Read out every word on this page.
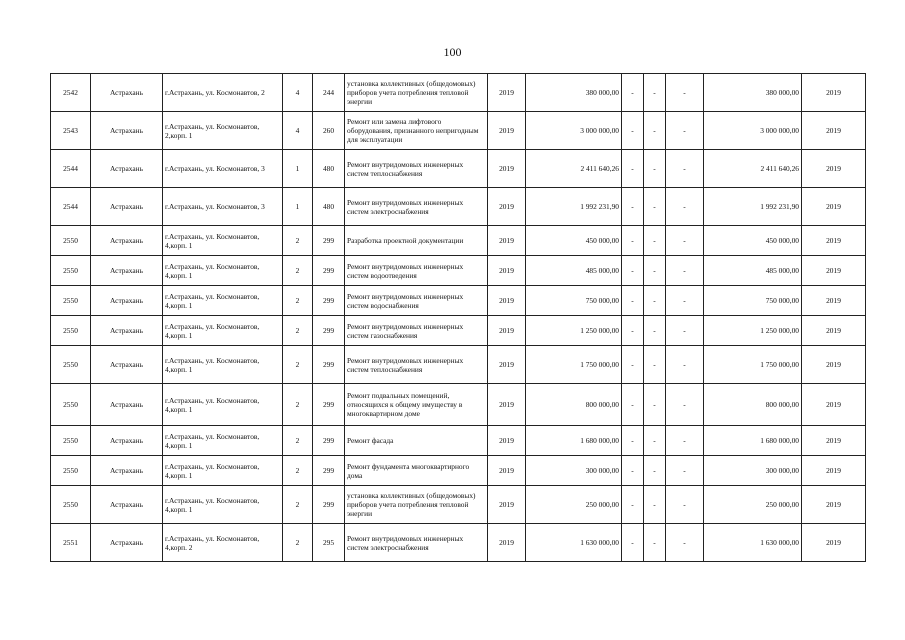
100
2542	Астрахань	г.Астрахань, ул. Космонавтов, 2	4	244	установка коллективных (общедомовых) приборов учета потребления тепловой энергии	2019	380 000,00	-	-	-	380 000,00	2019
2543	Астрахань	г.Астрахань, ул. Космонавтов, 2,корп. 1	4	260	Ремонт или замена лифтового оборудования, признанного непригодным для эксплуатации	2019	3 000 000,00	-	-	-	3 000 000,00	2019
2544	Астрахань	г.Астрахань, ул. Космонавтов, 3	1	480	Ремонт внутридомовых инженерных систем теплоснабжения	2019	2 411 640,26	-	-	-	2 411 640,26	2019
2544	Астрахань	г.Астрахань, ул. Космонавтов, 3	1	480	Ремонт внутридомовых инженерных систем электроснабжения	2019	1 992 231,90	-	-	-	1 992 231,90	2019
2550	Астрахань	г.Астрахань, ул. Космонавтов, 4,корп. 1	2	299	Разработка проектной документации	2019	450 000,00	-	-	-	450 000,00	2019
2550	Астрахань	г.Астрахань, ул. Космонавтов, 4,корп. 1	2	299	Ремонт внутридомовых инженерных систем водоотведения	2019	485 000,00	-	-	-	485 000,00	2019
2550	Астрахань	г.Астрахань, ул. Космонавтов, 4,корп. 1	2	299	Ремонт внутридомовых инженерных систем водоснабжения	2019	750 000,00	-	-	-	750 000,00	2019
2550	Астрахань	г.Астрахань, ул. Космонавтов, 4,корп. 1	2	299	Ремонт внутридомовых инженерных систем газоснабжения	2019	1 250 000,00	-	-	-	1 250 000,00	2019
2550	Астрахань	г.Астрахань, ул. Космонавтов, 4,корп. 1	2	299	Ремонт внутридомовых инженерных систем теплоснабжения	2019	1 750 000,00	-	-	-	1 750 000,00	2019
2550	Астрахань	г.Астрахань, ул. Космонавтов, 4,корп. 1	2	299	Ремонт подвальных помещений, относящихся к общему имуществу в многоквартирном доме	2019	800 000,00	-	-	-	800 000,00	2019
2550	Астрахань	г.Астрахань, ул. Космонавтов, 4,корп. 1	2	299	Ремонт фасада	2019	1 680 000,00	-	-	-	1 680 000,00	2019
2550	Астрахань	г.Астрахань, ул. Космонавтов, 4,корп. 1	2	299	Ремонт фундамента многоквартирного дома	2019	300 000,00	-	-	-	300 000,00	2019
2550	Астрахань	г.Астрахань, ул. Космонавтов, 4,корп. 1	2	299	установка коллективных (общедомовых) приборов учета потребления тепловой энергии	2019	250 000,00	-	-	-	250 000,00	2019
2551	Астрахань	г.Астрахань, ул. Космонавтов, 4,корп. 2	2	295	Ремонт внутридомовых инженерных систем электроснабжения	2019	1 630 000,00	-	-	-	1 630 000,00	2019
